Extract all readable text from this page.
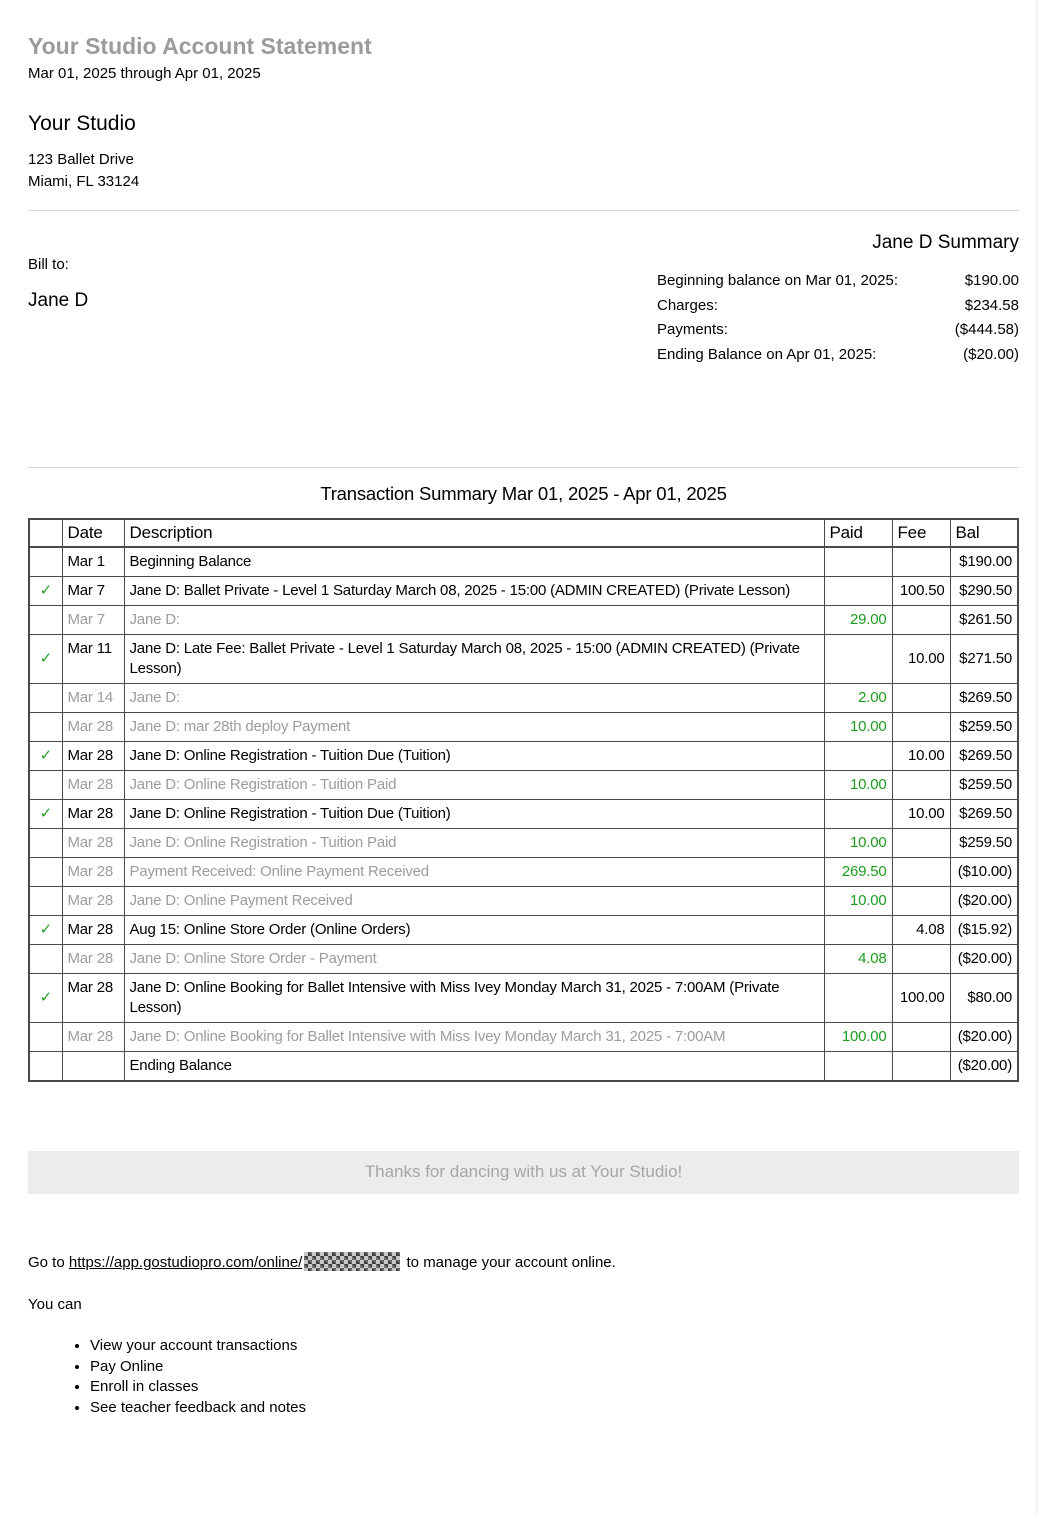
Your Studio Account Statement
Mar 01, 2025 through Apr 01, 2025
Your Studio
123 Ballet Drive
Miami, FL 33124
Bill to:
Jane D
Jane D Summary
Beginning balance on Mar 01, 2025:	$190.00
Charges:	$234.58
Payments:	($444.58)
Ending Balance on Apr 01, 2025:	($20.00)
Transaction Summary Mar 01, 2025 - Apr 01, 2025
	Date	Description	Paid	Fee	Bal
	Mar 1	Beginning Balance			$190.00
✓	Mar 7	Jane D: Ballet Private - Level 1 Saturday March 08, 2025 - 15:00 (ADMIN CREATED) (Private Lesson)		100.50	$290.50
	Mar 7	Jane D:	29.00		$261.50
✓	Mar 11	Jane D: Late Fee: Ballet Private - Level 1 Saturday March 08, 2025 - 15:00 (ADMIN CREATED) (Private Lesson)		10.00	$271.50
	Mar 14	Jane D:	2.00		$269.50
	Mar 28	Jane D: mar 28th deploy Payment	10.00		$259.50
✓	Mar 28	Jane D: Online Registration - Tuition Due (Tuition)		10.00	$269.50
	Mar 28	Jane D: Online Registration - Tuition Paid	10.00		$259.50
✓	Mar 28	Jane D: Online Registration - Tuition Due (Tuition)		10.00	$269.50
	Mar 28	Jane D: Online Registration - Tuition Paid	10.00		$259.50
	Mar 28	Payment Received: Online Payment Received	269.50		($10.00)
	Mar 28	Jane D: Online Payment Received	10.00		($20.00)
✓	Mar 28	Aug 15: Online Store Order (Online Orders)		4.08	($15.92)
	Mar 28	Jane D: Online Store Order - Payment	4.08		($20.00)
✓	Mar 28	Jane D: Online Booking for Ballet Intensive with Miss Ivey Monday March 31, 2025 - 7:00AM (Private Lesson)		100.00	$80.00
	Mar 28	Jane D: Online Booking for Ballet Intensive with Miss Ivey Monday March 31, 2025 - 7:00AM	100.00		($20.00)
		Ending Balance			($20.00)
Thanks for dancing with us at Your Studio!
Go to https://app.gostudiopro.com/online/	to manage your account online.
You can
• View your account transactions
• Pay Online
• Enroll in classes
• See teacher feedback and notes
